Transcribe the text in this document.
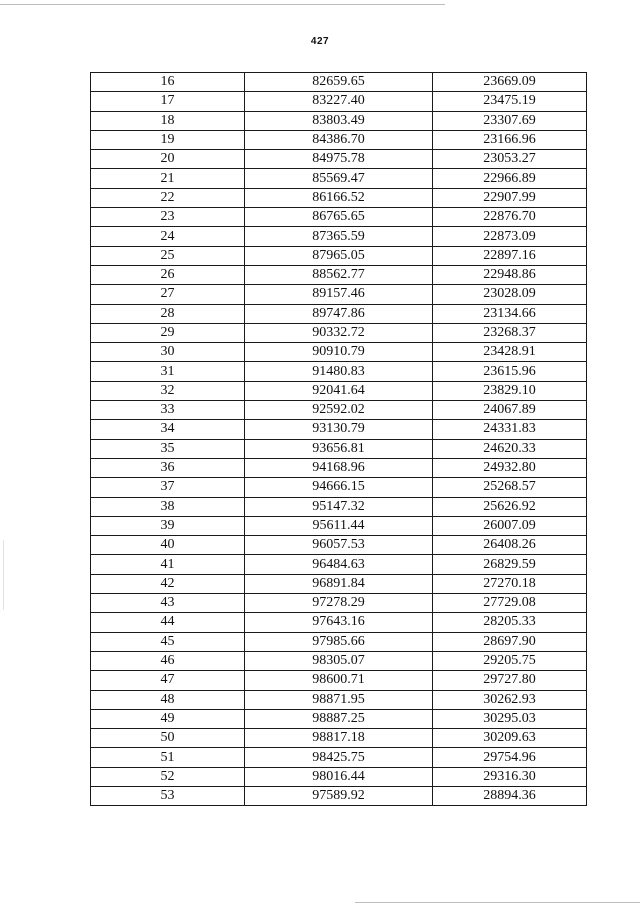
427
16	82659.65	23669.09
17	83227.40	23475.19
18	83803.49	23307.69
19	84386.70	23166.96
20	84975.78	23053.27
21	85569.47	22966.89
22	86166.52	22907.99
23	86765.65	22876.70
24	87365.59	22873.09
25	87965.05	22897.16
26	88562.77	22948.86
27	89157.46	23028.09
28	89747.86	23134.66
29	90332.72	23268.37
30	90910.79	23428.91
31	91480.83	23615.96
32	92041.64	23829.10
33	92592.02	24067.89
34	93130.79	24331.83
35	93656.81	24620.33
36	94168.96	24932.80
37	94666.15	25268.57
38	95147.32	25626.92
39	95611.44	26007.09
40	96057.53	26408.26
41	96484.63	26829.59
42	96891.84	27270.18
43	97278.29	27729.08
44	97643.16	28205.33
45	97985.66	28697.90
46	98305.07	29205.75
47	98600.71	29727.80
48	98871.95	30262.93
49	98887.25	30295.03
50	98817.18	30209.63
51	98425.75	29754.96
52	98016.44	29316.30
53	97589.92	28894.36
